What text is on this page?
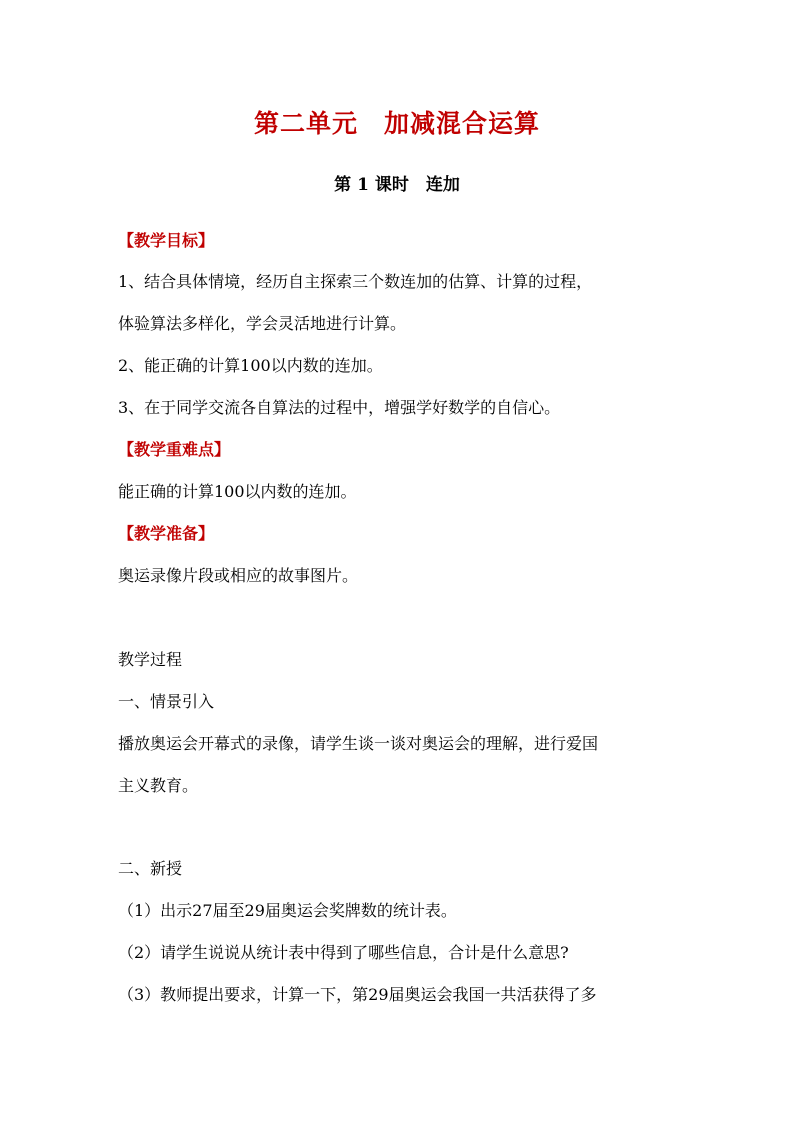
第二单元　加减混合运算
第 1 课时　连加
【教学目标】
1、结合具体情境，经历自主探索三个数连加的估算、计算的过程，
体验算法多样化，学会灵活地进行计算。
2、能正确的计算100以内数的连加。
3、在于同学交流各自算法的过程中，增强学好数学的自信心。
【教学重难点】
能正确的计算100以内数的连加。
【教学准备】
奥运录像片段或相应的故事图片。
教学过程
一、情景引入
播放奥运会开幕式的录像，请学生谈一谈对奥运会的理解，进行爱国
主义教育。
二、新授
（1）出示27届至29届奥运会奖牌数的统计表。
（2）请学生说说从统计表中得到了哪些信息，合计是什么意思?
（3）教师提出要求，计算一下，第29届奥运会我国一共活获得了多
